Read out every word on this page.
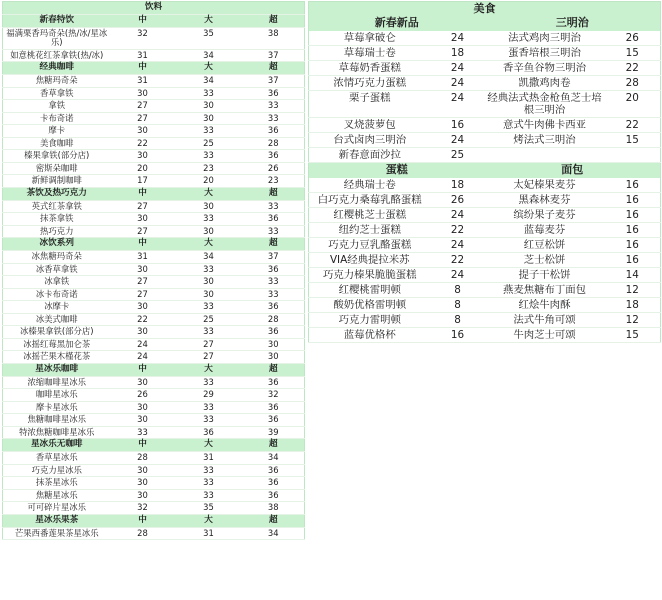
饮料			
新春特饮	中	大	超
福满栗香玛奇朵(热/冰/星冰乐)	32	35	38
如意桃花红茶拿铁(热/冰)	31	34	37
经典咖啡	中	大	超
焦糖玛奇朵	31	34	37
香草拿铁	30	33	36
拿铁	27	30	33
卡布奇诺	27	30	33
摩卡	30	33	36
美食咖啡	22	25	28
榛果拿铁(部分店)	30	33	36
密斯朵咖啡	20	23	26
新鲜调制咖啡	17	20	23
茶饮及热巧克力	中	大	超
英式红茶拿铁	27	30	33
抹茶拿铁	30	33	36
热巧克力	27	30	33
冰饮系列	中	大	超
冰焦糖玛奇朵	31	34	37
冰香草拿铁	30	33	36
冰拿铁	27	30	33
冰卡布奇诺	27	30	33
冰摩卡	30	33	36
冰美式咖啡	22	25	28
冰榛果拿铁(部分店)	30	33	36
冰摇红莓黑加仑茶	24	27	30
冰摇芒果木槿花茶	24	27	30
星冰乐咖啡	中	大	超
浓缩咖啡星冰乐	30	33	36
咖啡星冰乐	26	29	32
摩卡星冰乐	30	33	36
焦糖咖啡星冰乐	30	33	36
特浓焦糖咖啡星冰乐	33	36	39
星冰乐无咖啡	中	大	超
香草星冰乐	28	31	34
巧克力星冰乐	30	33	36
抹茶星冰乐	30	33	36
焦糖星冰乐	30	33	36
可可碎片星冰乐	32	35	38
星冰乐果茶	中	大	超
芒果西番莲果茶星冰乐	28	31	34
美食			
新春新品		三明治	
草莓拿破仑	24	法式鸡肉三明治	26
草莓瑞士卷	18	蛋香培根三明治	15
草莓奶香蛋糕	24	香辛鱼谷物三明治	22
浓情巧克力蛋糕	24	凯撒鸡肉卷	28
栗子蛋糕	24	经典法式热金枪鱼芝士培根三明治	20
叉烧菠萝包	16	意式牛肉佛卡西亚	22
台式卤肉三明治	24	烤法式三明治	15
新春意面沙拉	25		
蛋糕		面包	
经典瑞士卷	18	太妃榛果麦芬	16
白巧克力桑莓乳酪蛋糕	26	黑森林麦芬	16
红樱桃芝士蛋糕	24	缤纷果子麦芬	16
纽约芝士蛋糕	22	蓝莓麦芬	16
巧克力豆乳酪蛋糕	24	红豆松饼	16
VIA经典提拉米苏	22	芝士松饼	16
巧克力榛果脆脆蛋糕	24	提子干松饼	14
红樱桃雷明顿	8	燕麦焦糖布丁面包	12
酸奶优格雷明顿	8	红烩牛肉酥	18
巧克力雷明顿	8	法式牛角可颂	12
蓝莓优格杯	16	牛肉芝士可颂	15
